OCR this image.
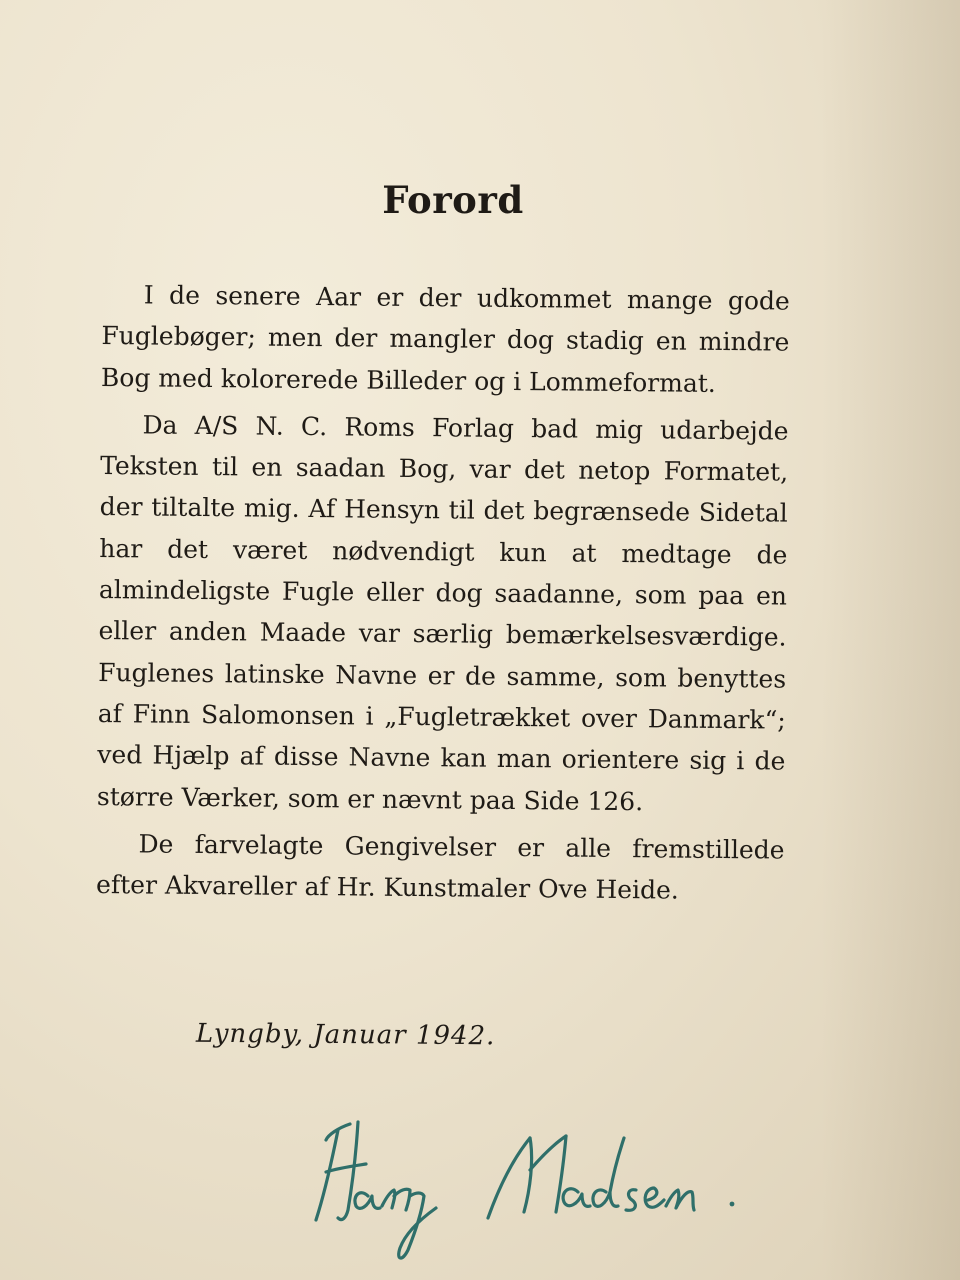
Forord

I de senere Aar er der udkommet mange gode Fuglebøger; men der mangler dog stadig en mindre Bog med kolorerede Billeder og i Lommeformat.

Da A/S N. C. Roms Forlag bad mig udarbejde Teksten til en saadan Bog, var det netop Formatet, der tiltalte mig. Af Hensyn til det begrænsede Sidetal har det været nødvendigt kun at medtage de almindeligste Fugle eller dog saadanne, som paa en eller anden Maade var særlig bemærkelsesværdige. Fuglenes latinske Navne er de samme, som benyttes af Finn Salomonsen i „Fugletrækket over Danmark“; ved Hjælp af disse Navne kan man orientere sig i de større Værker, som er nævnt paa Side 126.

De farvelagte Gengivelser er alle fremstillede efter Akvareller af Hr. Kunstmaler Ove Heide.

Lyngby, Januar 1942.
